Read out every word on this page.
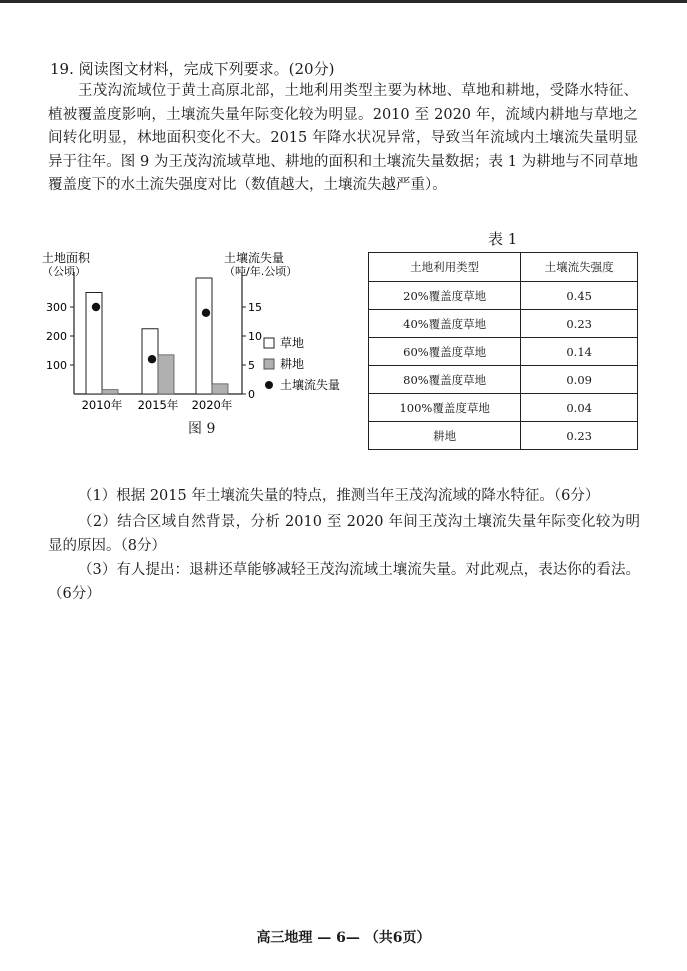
19. 阅读图文材料，完成下列要求。(20分)
王茂沟流域位于黄土高原北部，土地利用类型主要为林地、草地和耕地，受降水特征、植被覆盖度影响，土壤流失量年际变化较为明显。2010 至 2020 年，流域内耕地与草地之间转化明显，林地面积变化不大。2015 年降水状况异常，导致当年流域内土壤流失量明显异于往年。图 9 为王茂沟流域草地、耕地的面积和土壤流失量数据；表 1 为耕地与不同草地覆盖度下的水土流失强度对比（数值越大，土壤流失越严重）。
土地面积
（公顷）
土壤流失量
（吨/年.公顷）
100
200
300
0
5
10
15
2010年 2015年 2020年
草地
耕地
土壤流失量
图 9
表 1
土地利用类型	土壤流失强度
20%覆盖度草地	0.45
40%覆盖度草地	0.23
60%覆盖度草地	0.14
80%覆盖度草地	0.09
100%覆盖度草地	0.04
耕地	0.23
（1）根据 2015 年土壤流失量的特点，推测当年王茂沟流域的降水特征。（6分）
（2）结合区域自然背景，分析 2010 至 2020 年间王茂沟土壤流失量年际变化较为明显的原因。（8分）
（3）有人提出：退耕还草能够减轻王茂沟流域土壤流失量。对此观点，表达你的看法。（6分）
高三地理 — 6— （共6页）
